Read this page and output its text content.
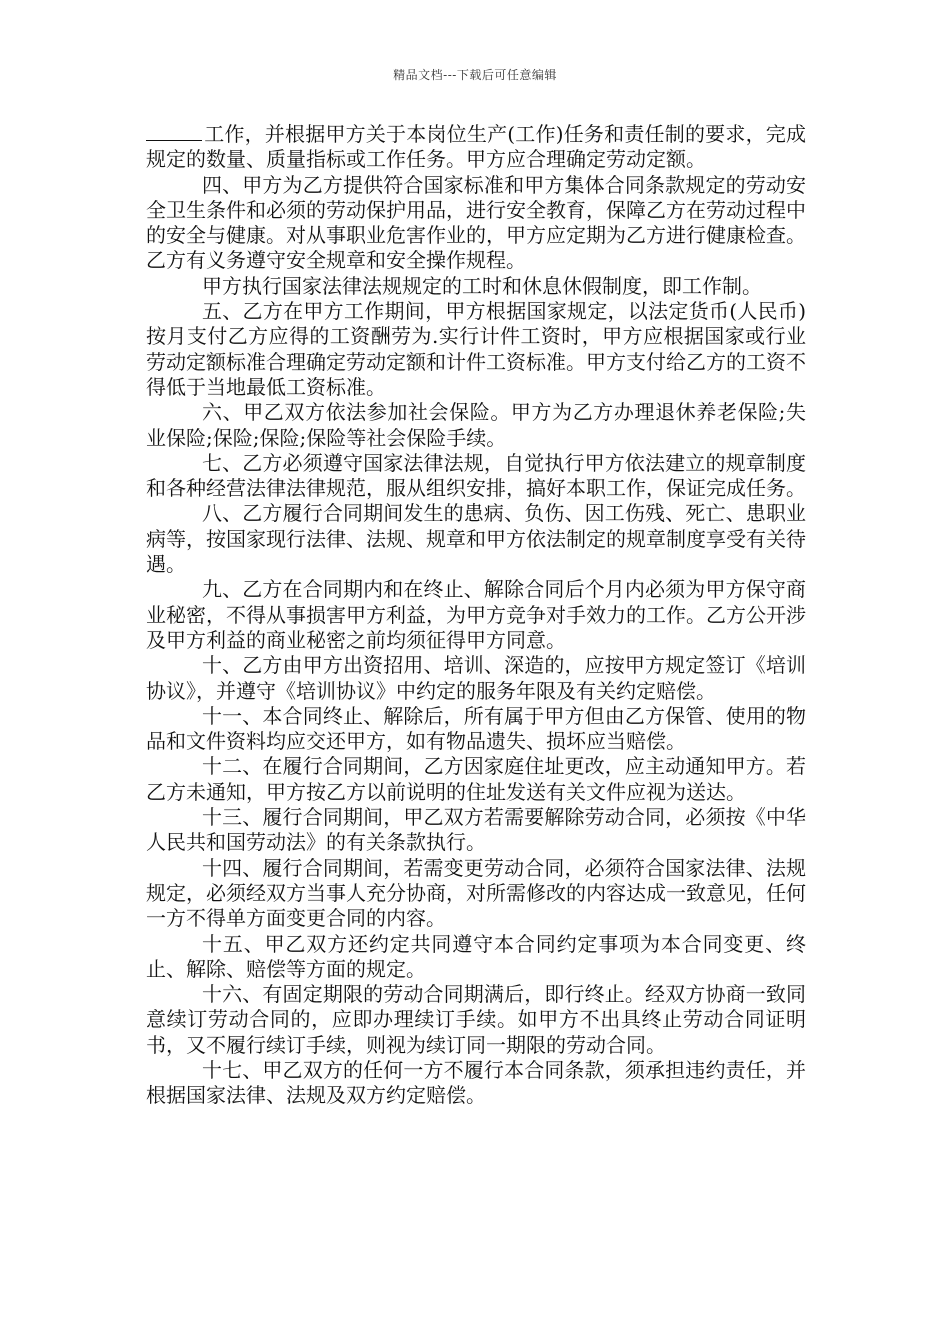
精品文档---下载后可任意编辑

工作，并根据甲方关于本岗位生产(工作)任务和责任制的要求，完成规定的数量、质量指标或工作任务。甲方应合理确定劳动定额。

四、甲方为乙方提供符合国家标准和甲方集体合同条款规定的劳动安全卫生条件和必须的劳动保护用品，进行安全教育，保障乙方在劳动过程中的安全与健康。对从事职业危害作业的，甲方应定期为乙方进行健康检查。乙方有义务遵守安全规章和安全操作规程。

甲方执行国家法律法规规定的工时和休息休假制度，即工作制。

五、乙方在甲方工作期间，甲方根据国家规定，以法定货币(人民币)按月支付乙方应得的工资酬劳为.实行计件工资时，甲方应根据国家或行业劳动定额标准合理确定劳动定额和计件工资标准。甲方支付给乙方的工资不得低于当地最低工资标准。

六、甲乙双方依法参加社会保险。甲方为乙方办理退休养老保险;失业保险;保险;保险;保险等社会保险手续。

七、乙方必须遵守国家法律法规，自觉执行甲方依法建立的规章制度和各种经营法律法律规范，服从组织安排，搞好本职工作，保证完成任务。

八、乙方履行合同期间发生的患病、负伤、因工伤残、死亡、患职业病等，按国家现行法律、法规、规章和甲方依法制定的规章制度享受有关待遇。

九、乙方在合同期内和在终止、解除合同后个月内必须为甲方保守商业秘密，不得从事损害甲方利益，为甲方竞争对手效力的工作。乙方公开涉及甲方利益的商业秘密之前均须征得甲方同意。

十、乙方由甲方出资招用、培训、深造的，应按甲方规定签订《培训协议》，并遵守《培训协议》中约定的服务年限及有关约定赔偿。

十一、本合同终止、解除后，所有属于甲方但由乙方保管、使用的物品和文件资料均应交还甲方，如有物品遗失、损坏应当赔偿。

十二、在履行合同期间，乙方因家庭住址更改，应主动通知甲方。若乙方未通知，甲方按乙方以前说明的住址发送有关文件应视为送达。

十三、履行合同期间，甲乙双方若需要解除劳动合同，必须按《中华人民共和国劳动法》的有关条款执行。

十四、履行合同期间，若需变更劳动合同，必须符合国家法律、法规规定，必须经双方当事人充分协商，对所需修改的内容达成一致意见，任何一方不得单方面变更合同的内容。

十五、甲乙双方还约定共同遵守本合同约定事项为本合同变更、终止、解除、赔偿等方面的规定。

十六、有固定期限的劳动合同期满后，即行终止。经双方协商一致同意续订劳动合同的，应即办理续订手续。如甲方不出具终止劳动合同证明书，又不履行续订手续，则视为续订同一期限的劳动合同。

十七、甲乙双方的任何一方不履行本合同条款，须承担违约责任，并根据国家法律、法规及双方约定赔偿。
